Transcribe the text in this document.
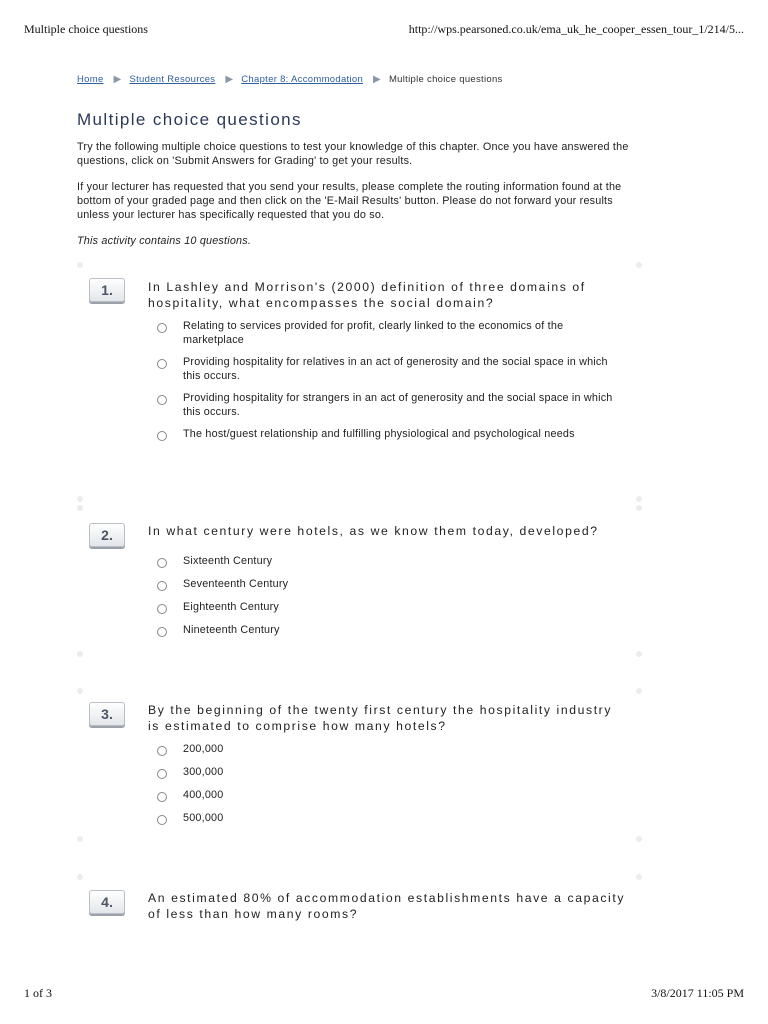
Multiple choice questions	http://wps.pearsoned.co.uk/ema_uk_he_cooper_essen_tour_1/214/5...
Home ▶ Student Resources ▶ Chapter 8: Accommodation ▶ Multiple choice questions
Multiple choice questions

Try the following multiple choice questions to test your knowledge of this chapter. Once you have answered the questions, click on 'Submit Answers for Grading' to get your results.

If your lecturer has requested that you send your results, please complete the routing information found at the bottom of your graded page and then click on the 'E-Mail Results' button. Please do not forward your results unless your lecturer has specifically requested that you do so.

This activity contains 10 questions.

1.	In Lashley and Morrison's (2000) definition of three domains of hospitality, what encompasses the social domain?
Relating to services provided for profit, clearly linked to the economics of the marketplace
Providing hospitality for relatives in an act of generosity and the social space in which this occurs.
Providing hospitality for strangers in an act of generosity and the social space in which this occurs.
The host/guest relationship and fulfilling physiological and psychological needs
2.	In what century were hotels, as we know them today, developed?
Sixteenth Century
Seventeenth Century
Eighteenth Century
Nineteenth Century
3.	By the beginning of the twenty first century the hospitality industry is estimated to comprise how many hotels?
200,000
300,000
400,000
500,000
4.	An estimated 80% of accommodation establishments have a capacity of less than how many rooms?
1 of 3	3/8/2017 11:05 PM
